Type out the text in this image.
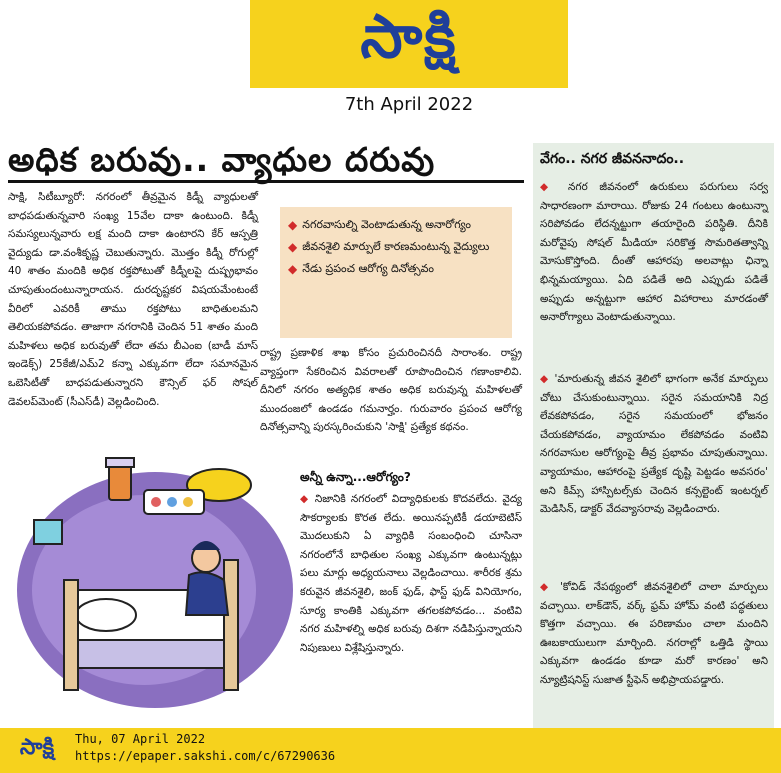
సాక్షి
7th April 2022
అధిక బరువు.. వ్యాధుల దరువు

సాక్షి, సిటీబ్యూరో: నగరంలో తీవ్రమైన కిడ్నీ వ్యాధులతో బాధపడుతున్నవారి సంఖ్య 15వేల దాకా ఉంటుంది. కిడ్నీ సమస్యలున్నవారు లక్ష మంది దాకా ఉంటారని కేర్ ఆస్పత్రి వైద్యుడు డా.వంశీకృష్ణ చెబుతున్నారు. మొత్తం కిడ్నీ రోగుల్లో 40 శాతం మందికి అధిక రక్తపోటుతో కిడ్నీలపై దుష్ప్రభావం చూపుతుందంటున్నారాయన. దురదృష్టకర విషయమేంటంటే వీరిలో ఎవరికీ తాము రక్తపోటు బాధితులమని తెలియకపోవడం. తాజాగా నగరానికి చెందిన 51 శాతం మంది మహిళలు అధిక బరువుతో లేదా తమ బీఎంఐ (బాడీ మాస్ ఇండెక్స్) 25కేజీ/ఎమ్2 కన్నా ఎక్కువగా లేదా సమానమైన ఒబెసిటీతో బాధపడుతున్నారని కౌన్సిల్ ఫర్ సోషల్ డెవలప్‌మెంట్ (సీఎస్‌డీ) వెల్లడించింది.

◆ నగరవాసుల్ని వెంటాడుతున్న అనారోగ్యం
◆ జీవనశైలి మార్పులే కారణమంటున్న వైద్యులు
◆ నేడు ప్రపంచ ఆరోగ్య దినోత్సవం

రాష్ట్ర ప్రణాళిక శాఖ కోసం ప్రచురించినదీ సారాంశం. రాష్ట్ర వ్యాప్తంగా సేకరించిన వివరాలతో రూపొందించిన గణాంకాలివి. దీనిలో నగరం అత్యధిక శాతం అధిక బరువున్న మహిళలతో ముందంజలో ఉండడం గమనార్హం. గురువారం ప్రపంచ ఆరోగ్య దినోత్సవాన్ని పురస్కరించుకుని 'సాక్షి' ప్రత్యేక కథనం.

అన్నీ ఉన్నా...ఆరోగ్యం?

◆ నిజానికి నగరంలో విద్యాధికులకు కొదవలేదు. వైద్య సౌకర్యాలకు కొరత లేదు. అయినప్పటికీ డయాబెటిస్ మొదలుకుని ఏ వ్యాధికి సంబంధించి చూసినా నగరంలోనే బాధితుల సంఖ్య ఎక్కువగా ఉంటున్నట్లు పలు మార్లు అధ్యయనాలు వెల్లడించాయి. శారీరక శ్రమ కరువైన జీవనశైలి, జంక్ ఫుడ్, ఫాస్ట్ ఫుడ్ వినియోగం, సూర్య కాంతికి ఎక్కువగా తగలకపోవడం... వంటివి నగర మహిళల్ని అధిక బరువు దిశగా నడిపిస్తున్నాయని నిపుణులు విశ్లేషిస్తున్నారు.

వేగం.. నగర జీవననాదం..

◆ నగర జీవనంలో ఉరుకులు పరుగులు సర్వ సాధారణంగా మారాయి. రోజుకు 24 గంటలు ఉంటున్నా సరిపోవడం లేదన్నట్టుగా తయారైంది పరిస్థితి. దీనికి మరోవైపు సోషల్ మీడియా సరికొత్త సొమరితత్వాన్ని మోసుకొస్తోంది. దీంతో ఆహారపు అలవాట్లు ఛిన్నా భిన్నమయ్యాయి. ఏది పడితే అది ఎప్పుడు పడితే అప్పుడు అన్నట్టుగా ఆహార విహారాలు మారడంతో అనారోగ్యాలు వెంటాడుతున్నాయి.

◆ 'మారుతున్న జీవన శైలిలో భాగంగా అనేక మార్పులు చోటు చేసుకుంటున్నాయి. సరైన సమయానికి నిద్ర లేవకపోవడం, సరైన సమయంలో భోజనం చేయకపోవడం, వ్యాయామం లేకపోవడం వంటివి నగరవాసుల ఆరోగ్యంపై తీవ్ర ప్రభావం చూపుతున్నాయి. వ్యాయామం, ఆహారంపై ప్రత్యేక దృష్టి పెట్టడం అవసరం' అని కిమ్స్ హాస్పిటల్స్‌కు చెందిన కన్సల్టెంట్ ఇంటర్నల్ మెడిసిన్, డాక్టర్ వేదవ్యాసరావు వెల్లడించారు.

◆ 'కోవిడ్ నేపథ్యంలో జీవనశైలిలో చాలా మార్పులు వచ్చాయి. లాక్‌డౌన్, వర్క్ ఫ్రమ్ హోమ్ వంటి పద్ధతులు కొత్తగా వచ్చాయి. ఈ పరిణామం చాలా మందిని ఊబకాయులుగా మార్చింది. నగరాల్లో ఒత్తిడి స్థాయి ఎక్కువగా ఉండడం కూడా మరో కారణం' అని న్యూట్రిషనిస్ట్ సుజాత స్టీఫెన్ అభిప్రాయపడ్డారు.

సాక్షి Thu, 07 April 2022
https://epaper.sakshi.com/c/67290636
